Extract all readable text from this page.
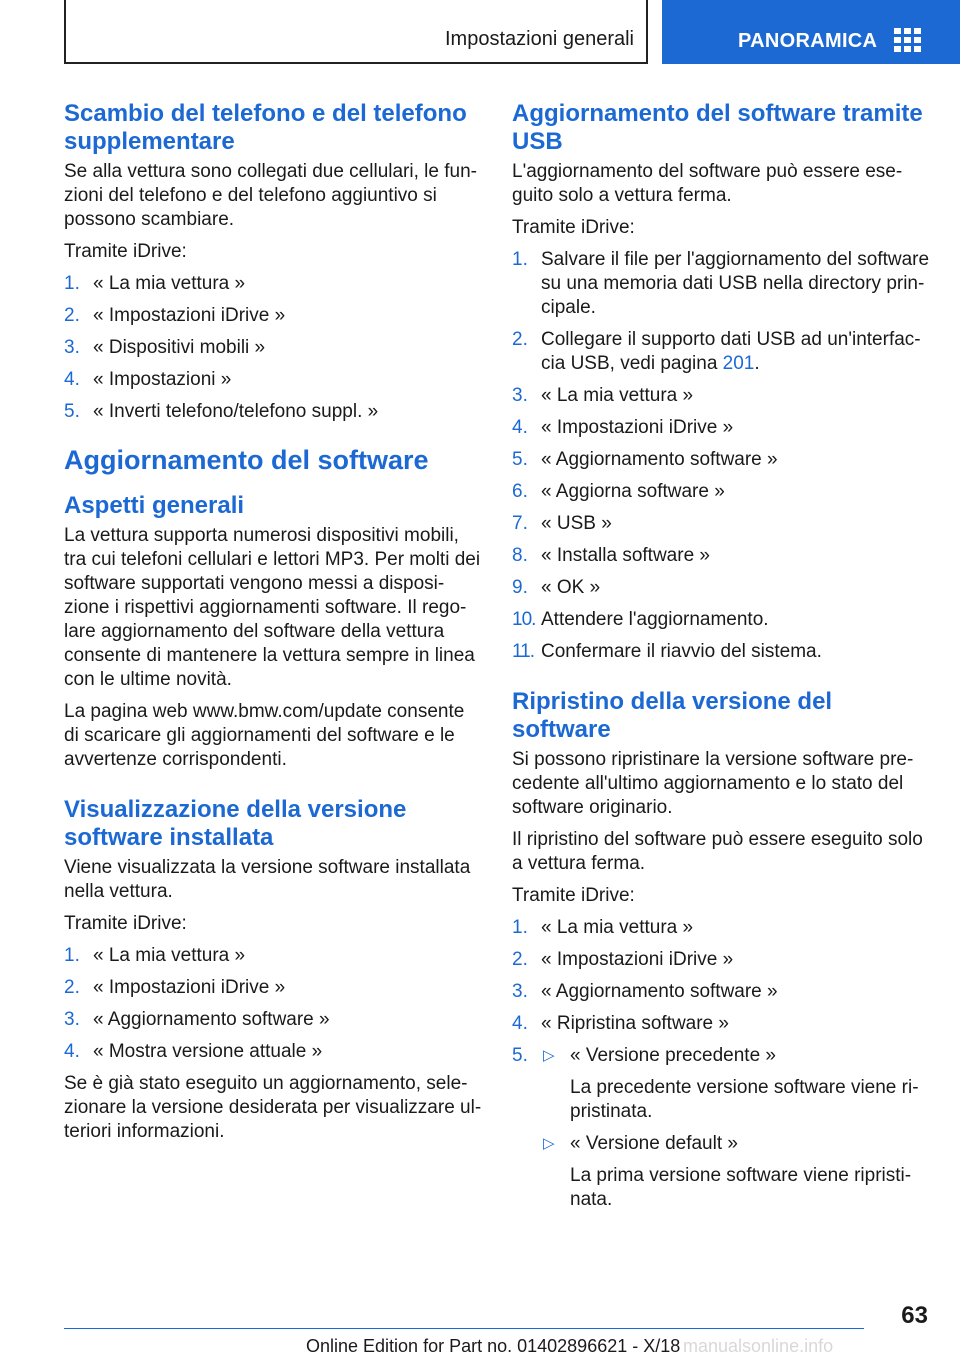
Impostazioni generali	PANORAMICA
Scambio del telefono e del telefono supplementare

Se alla vettura sono collegati due cellulari, le fun-zioni del telefono e del telefono aggiuntivo si possono scambiare.

Tramite iDrive:

1. « La mia vettura »
2. « Impostazioni iDrive »
3. « Dispositivi mobili »
4. « Impostazioni »
5. « Inverti telefono/telefono suppl. »
Aggiornamento del software
Aspetti generali

La vettura supporta numerosi dispositivi mobili, tra cui telefoni cellulari e lettori MP3. Per molti dei software supportati vengono messi a disposi-zione i rispettivi aggiornamenti software. Il rego-lare aggiornamento del software della vettura consente di mantenere la vettura sempre in linea con le ultime novità.

La pagina web www.bmw.com/update consente di scaricare gli aggiornamenti del software e le avvertenze corrispondenti.

Visualizzazione della versione software installata

Viene visualizzata la versione software installata nella vettura.

Tramite iDrive:

1. « La mia vettura »
2. « Impostazioni iDrive »
3. « Aggiornamento software »
4. « Mostra versione attuale »

Se è già stato eseguito un aggiornamento, sele-zionare la versione desiderata per visualizzare ul-teriori informazioni.

Aggiornamento del software tramite USB

L'aggiornamento del software può essere ese-guito solo a vettura ferma.

Tramite iDrive:

1. Salvare il file per l'aggiornamento del software su una memoria dati USB nella directory prin-cipale.
2. Collegare il supporto dati USB ad un'interfac-cia USB, vedi pagina 201.
3. « La mia vettura »
4. « Impostazioni iDrive »
5. « Aggiornamento software »
6. « Aggiorna software »
7. « USB »
8. « Installa software »
9. « OK »
10. Attendere l'aggiornamento.
11. Confermare il riavvio del sistema.
Ripristino della versione del software

Si possono ripristinare la versione software pre-cedente all'ultimo aggiornamento e lo stato del software originario.

Il ripristino del software può essere eseguito solo a vettura ferma.

Tramite iDrive:

1. « La mia vettura »
2. « Impostazioni iDrive »
3. « Aggiornamento software »
4. « Ripristina software »
5. ▷ « Versione precedente »

La precedente versione software viene ri-pristinata.

▷ « Versione default »

La prima versione software viene ripristi-nata.

63
Online Edition for Part no. 01402896621 - X/18 manualsonline.info
